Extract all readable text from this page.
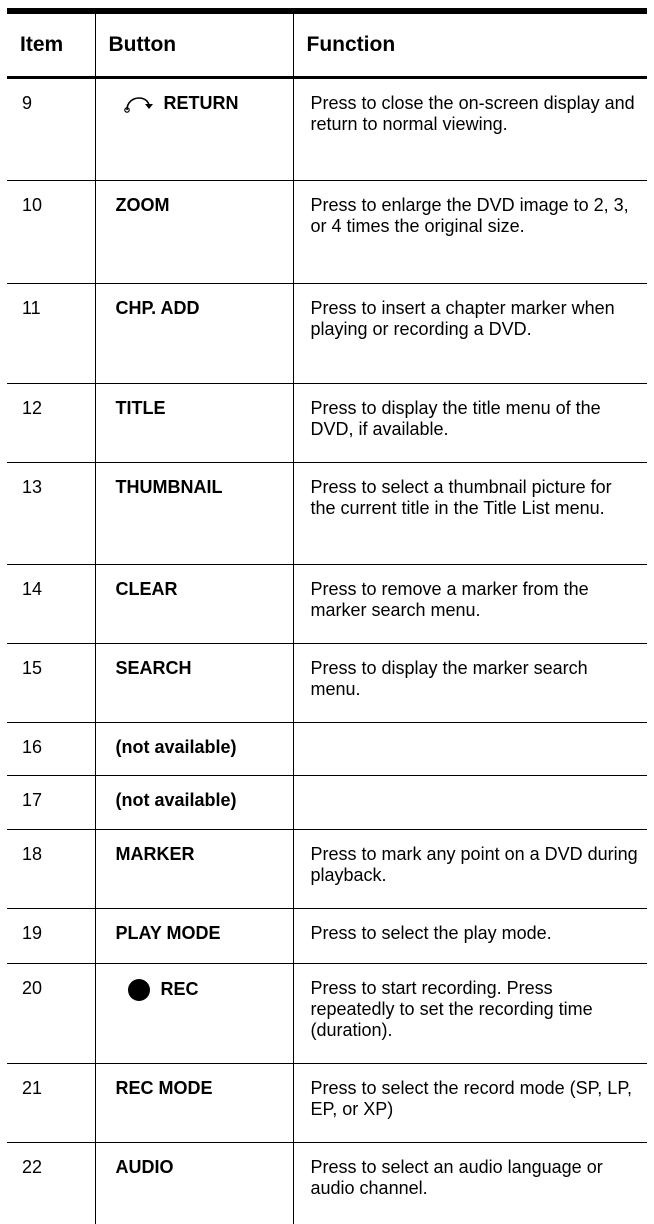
Item	Button	Function
9	RETURN	Press to close the on-screen display and return to normal viewing.
10	ZOOM	Press to enlarge the DVD image to 2, 3, or 4 times the original size.
11	CHP. ADD	Press to insert a chapter marker when playing or recording a DVD.
12	TITLE	Press to display the title menu of the DVD, if available.
13	THUMBNAIL	Press to select a thumbnail picture for the current title in the Title List menu.
14	CLEAR	Press to remove a marker from the marker search menu.
15	SEARCH	Press to display the marker search menu.
16	(not available)	
17	(not available)	
18	MARKER	Press to mark any point on a DVD during playback.
19	PLAY MODE	Press to select the play mode.
20	REC	Press to start recording. Press repeatedly to set the recording time (duration).
21	REC MODE	Press to select the record mode (SP, LP, EP, or XP)
22	AUDIO	Press to select an audio language or audio channel.
